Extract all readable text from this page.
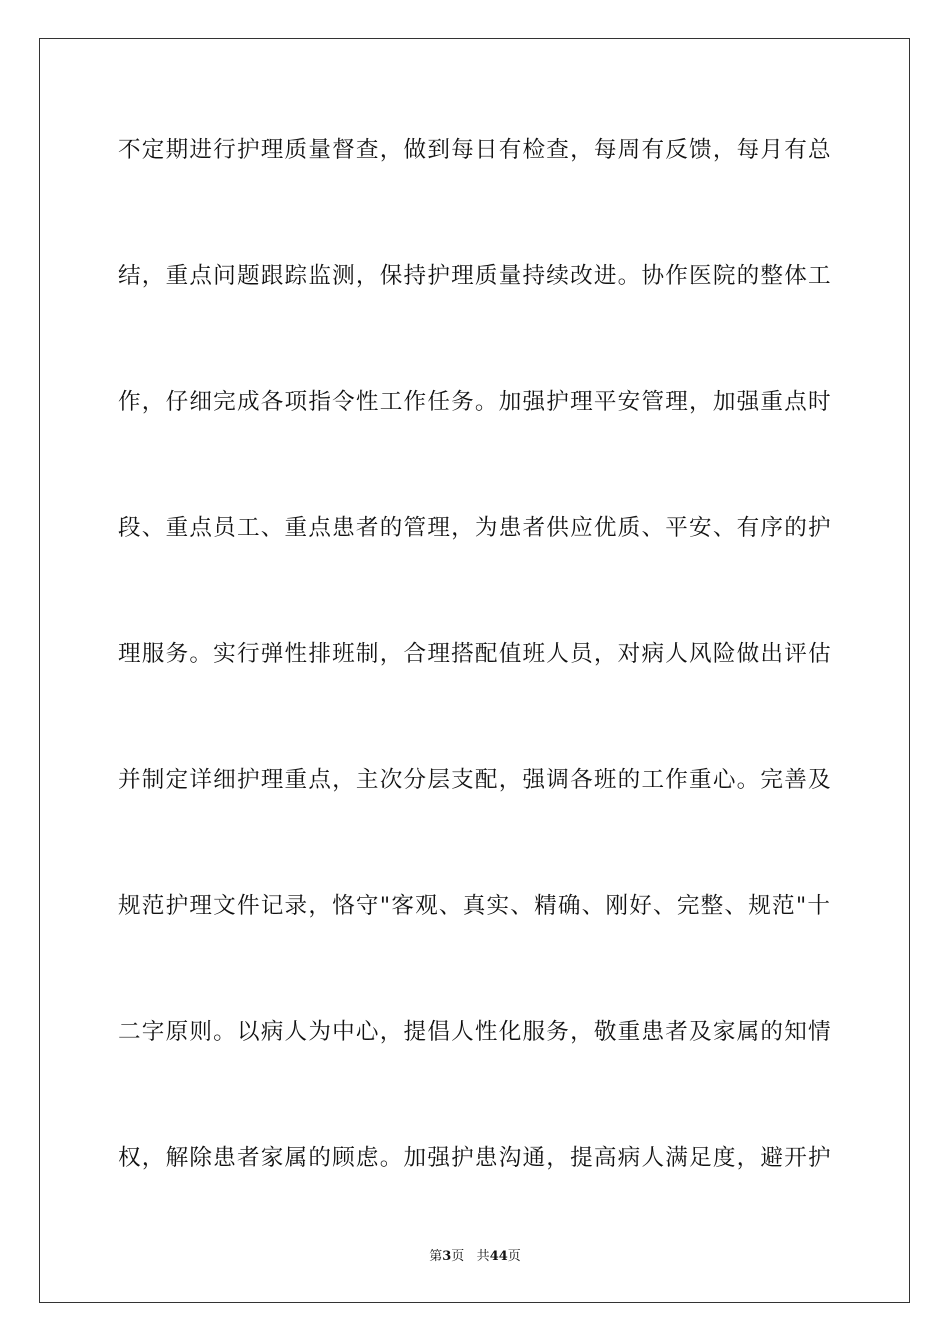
不定期进行护理质量督查，做到每日有检查，每周有反馈，每月有总
结，重点问题跟踪监测，保持护理质量持续改进。协作医院的整体工
作，仔细完成各项指令性工作任务。加强护理平安管理，加强重点时
段、重点员工、重点患者的管理，为患者供应优质、平安、有序的护
理服务。实行弹性排班制，合理搭配值班人员，对病人风险做出评估
并制定详细护理重点，主次分层支配，强调各班的工作重心。完善及
规范护理文件记录，恪守"客观、真实、精确、刚好、完整、规范"十
二字原则。以病人为中心，提倡人性化服务，敬重患者及家属的知情
权，解除患者家属的顾虑。加强护患沟通，提高病人满足度，避开护
第3页 共44页
